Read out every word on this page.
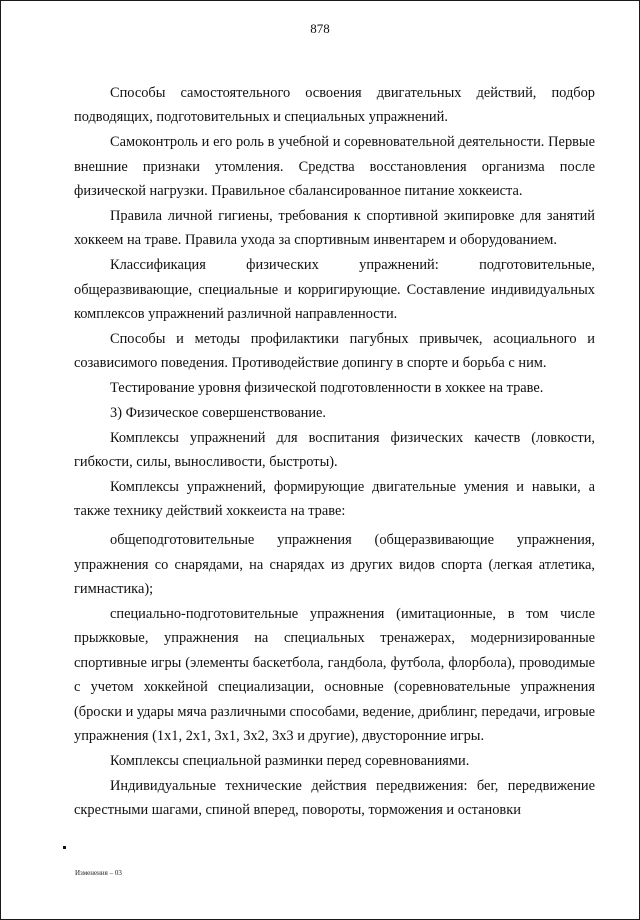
878

Способы самостоятельного освоения двигательных действий, подбор подводящих, подготовительных и специальных упражнений.

Самоконтроль и его роль в учебной и соревновательной деятельности. Первые внешние признаки утомления. Средства восстановления организма после физической нагрузки. Правильное сбалансированное питание хоккеиста.

Правила личной гигиены, требования к спортивной экипировке для занятий хоккеем на траве. Правила ухода за спортивным инвентарем и оборудованием.

Классификация физических упражнений: подготовительные, общеразвивающие, специальные и корригирующие. Составление индивидуальных комплексов упражнений различной направленности.

Способы и методы профилактики пагубных привычек, асоциального и созависимого поведения. Противодействие допингу в спорте и борьба с ним.

Тестирование уровня физической подготовленности в хоккее на траве.

3) Физическое совершенствование.

Комплексы упражнений для воспитания физических качеств (ловкости, гибкости, силы, выносливости, быстроты).

Комплексы упражнений, формирующие двигательные умения и навыки, а также технику действий хоккеиста на траве:

общеподготовительные упражнения (общеразвивающие упражнения, упражнения со снарядами, на снарядах из других видов спорта (легкая атлетика, гимнастика);

специально-подготовительные упражнения (имитационные, в том числе прыжковые, упражнения на специальных тренажерах, модернизированные спортивные игры (элементы баскетбола, гандбола, футбола, флорбола), проводимые с учетом хоккейной специализации, основные (соревновательные упражнения (броски и удары мяча различными способами, ведение, дриблинг, передачи, игровые упражнения (1x1, 2x1, 3x1, 3x2, 3x3 и другие), двусторонние игры.

Комплексы специальной разминки перед соревнованиями.

Индивидуальные технические действия передвижения: бег, передвижение скрестными шагами, спиной вперед, повороты, торможения и остановки

Изменения – 03
